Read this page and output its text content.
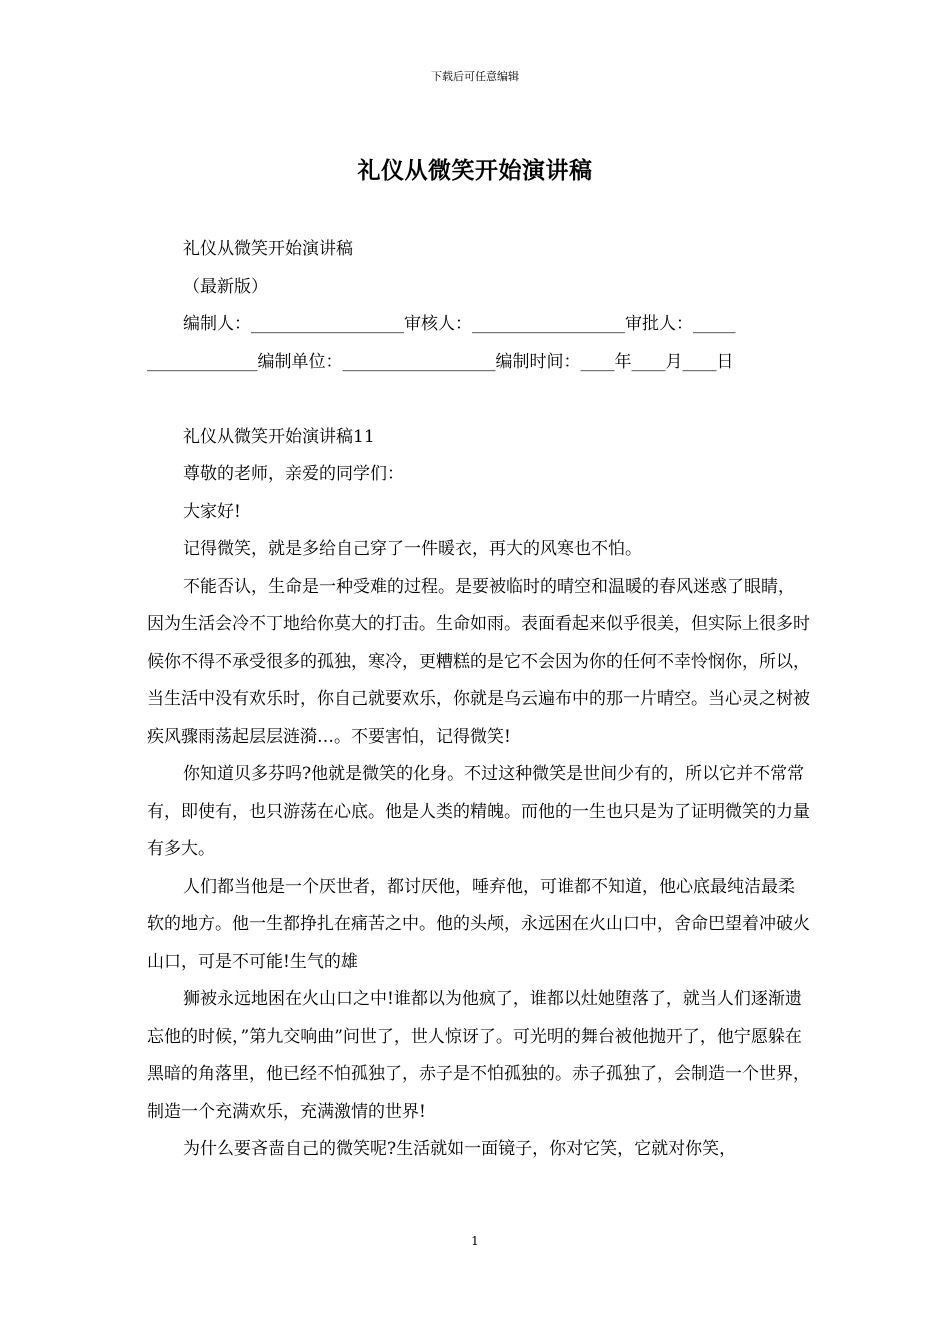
下载后可任意编辑
礼仪从微笑开始演讲稿

礼仪从微笑开始演讲稿

（最新版）

编制人：__________________审核人：__________________审批人：_____

_____________编制单位：__________________编制时间：____年____月____日

礼仪从微笑开始演讲稿11

尊敬的老师，亲爱的同学们：

大家好!

记得微笑，就是多给自己穿了一件暖衣，再大的风寒也不怕。

不能否认，生命是一种受难的过程。是要被临时的晴空和温暖的春风迷惑了眼睛，因为生活会冷不丁地给你莫大的打击。生命如雨。表面看起来似乎很美，但实际上很多时候你不得不承受很多的孤独，寒冷，更糟糕的是它不会因为你的任何不幸怜悯你，所以，当生活中没有欢乐时，你自己就要欢乐，你就是乌云遍布中的那一片晴空。当心灵之树被疾风骤雨荡起层层涟漪…。不要害怕，记得微笑!

你知道贝多芬吗?他就是微笑的化身。不过这种微笑是世间少有的，所以它并不常常有，即使有，也只游荡在心底。他是人类的精魄。而他的一生也只是为了证明微笑的力量有多大。

人们都当他是一个厌世者，都讨厌他，唾弃他，可谁都不知道，他心底最纯洁最柔软的地方。他一生都挣扎在痛苦之中。他的头颅，永远困在火山口中，舍命巴望着冲破火山口，可是不可能!生气的雄

狮被永远地困在火山口之中!谁都以为他疯了，谁都以灶她堕落了，就当人们逐渐遗忘他的时候，”第九交响曲”问世了，世人惊讶了。可光明的舞台被他抛开了，他宁愿躲在黑暗的角落里，他已经不怕孤独了，赤子是不怕孤独的。赤子孤独了，会制造一个世界，制造一个充满欢乐，充满激情的世界!

为什么要吝啬自己的微笑呢?生活就如一面镜子，你对它笑，它就对你笑，

1
